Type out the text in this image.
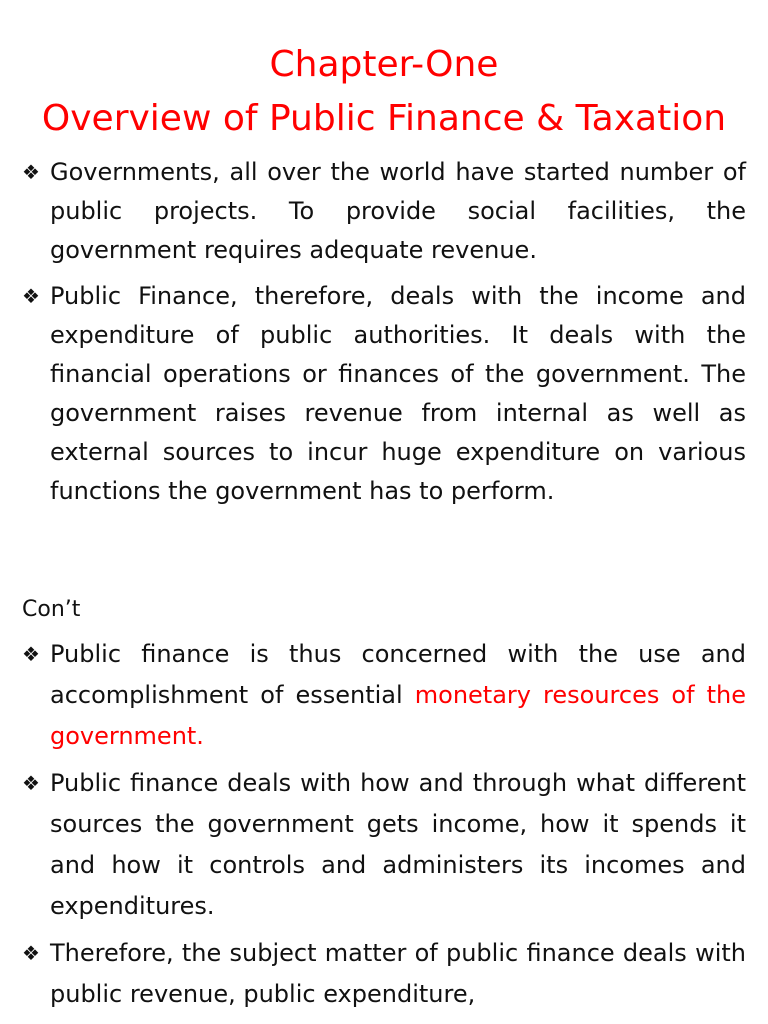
Chapter-One
Overview of Public Finance & Taxation
❖ Governments, all over the world have started number of public projects. To provide social facilities, the government requires adequate revenue.
❖ Public Finance, therefore, deals with the income and expenditure of public authorities. It deals with the financial operations or finances of the government. The government raises revenue from internal as well as external sources to incur huge expenditure on various functions the government has to perform.

Con’t

❖ Public finance is thus concerned with the use and accomplishment of essential monetary resources of the government.
❖ Public finance deals with how and through what different sources the government gets income, how it spends it and how it controls and administers its incomes and expenditures.
❖ Therefore, the subject matter of public finance deals with public revenue, public expenditure,
